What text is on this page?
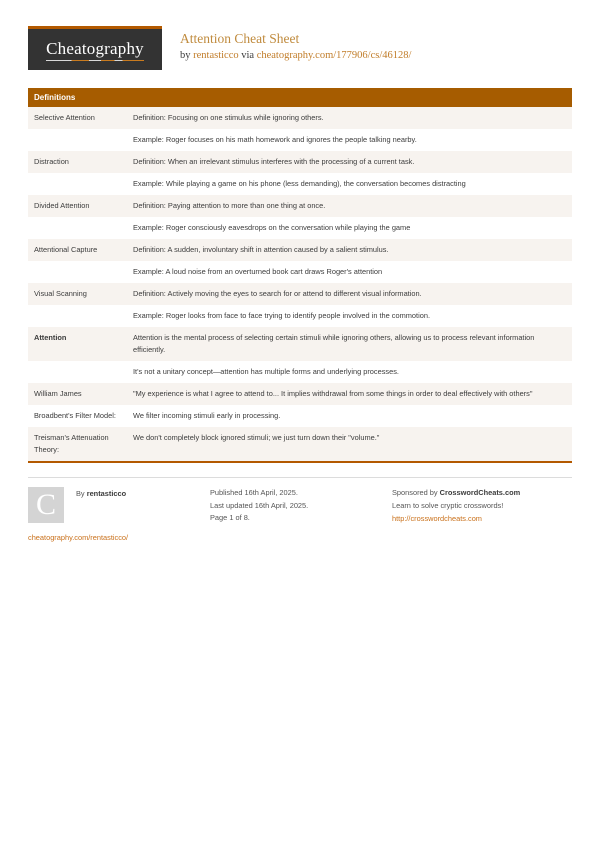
Cheatography	Attention Cheat Sheet
by rentasticco via cheatography.com/177906/cs/46128/
Definitions
Selective Attention	Definition: Focusing on one stimulus while ignoring others.
	Example: Roger focuses on his math homework and ignores the people talking nearby.
Distraction	Definition: When an irrelevant stimulus interferes with the processing of a current task.
	Example: While playing a game on his phone (less demanding), the conversation becomes distracting
Divided Attention	Definition: Paying attention to more than one thing at once.
	Example: Roger consciously eavesdrops on the conversation while playing the game
Attentional Capture	Definition: A sudden, involuntary shift in attention caused by a salient stimulus.
	Example: A loud noise from an overturned book cart draws Roger's attention
Visual Scanning	Definition: Actively moving the eyes to search for or attend to different visual information.
	Example: Roger looks from face to face trying to identify people involved in the commotion.
Attention	Attention is the mental process of selecting certain stimuli while ignoring others, allowing us to process relevant information efficiently.
	It's not a unitary concept—attention has multiple forms and underlying processes.
William James	"My experience is what I agree to attend to... It implies withdrawal from some things in order to deal effectively with others"
Broadbent's Filter Model:	We filter incoming stimuli early in processing.
Treisman's Attenuation Theory:	We don't completely block ignored stimuli; we just turn down their "volume."
C	By rentasticco
cheatography.com/rentasticco/
Published 16th April, 2025.
Last updated 16th April, 2025.
Page 1 of 8.
Sponsored by CrosswordCheats.com
Learn to solve cryptic crosswords!
http://crosswordcheats.com
